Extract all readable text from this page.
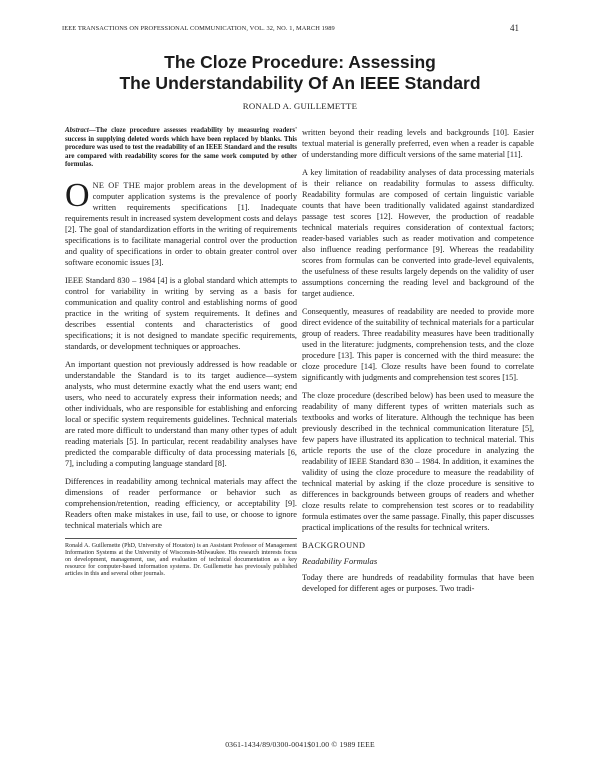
IEEE TRANSACTIONS ON PROFESSIONAL COMMUNICATION, VOL. 32, NO. 1, MARCH 1989	41
The Cloze Procedure: Assessing
The Understandability Of An IEEE Standard
RONALD A. GUILLEMETTE

Abstract—The cloze procedure assesses readability by measuring readers' success in supplying deleted words which have been replaced by blanks. This procedure was used to test the readability of an IEEE Standard and the results are compared with readability scores for the same work computed by other formulas.

ONE OF THE major problem areas in the development of computer application systems is the prevalence of poorly written requirements specifications [1]. Inadequate requirements result in increased system development costs and delays [2]. The goal of standardization efforts in the writing of requirements specifications is to facilitate managerial control over the production and quality of specifications in order to obtain greater control over software economic issues [3].

IEEE Standard 830 – 1984 [4] is a global standard which attempts to control for variability in writing by serving as a basis for communication and quality control and establishing norms of good practice in the writing of system requirements. It defines and describes essential contents and characteristics of good specifications; it is not designed to mandate specific requirements, standards, or development techniques or approaches.

An important question not previously addressed is how readable or understandable the Standard is to its target audience—system analysts, who must determine exactly what the end users want; end users, who need to accurately express their information needs; and other individuals, who are responsible for establishing and enforcing local or specific system requirements guidelines. Technical materials are rated more difficult to understand than many other types of adult reading materials [5]. In particular, recent readability analyses have predicted the comparable difficulty of data processing materials [6, 7], including a computing language standard [8].

Differences in readability among technical materials may affect the dimensions of reader performance or behavior such as comprehension/retention, reading efficiency, or acceptability [9]. Readers often make mistakes in use, fail to use, or choose to ignore technical materials which are

Ronald A. Guillemette (PhD, University of Houston) is an Assistant Professor of Management Information Systems at the University of Wisconsin-Milwaukee. His research interests focus on development, management, use, and evaluation of technical documentation as a key resource for computer-based information systems. Dr. Guillemette has previously published articles in this and several other journals.

written beyond their reading levels and backgrounds [10]. Easier textual material is generally preferred, even when a reader is capable of understanding more difficult versions of the same material [11].

A key limitation of readability analyses of data processing materials is their reliance on readability formulas to assess difficulty. Readability formulas are composed of certain linguistic variable counts that have been traditionally validated against standardized passage test scores [12]. However, the production of readable technical materials requires consideration of contextual factors; reader-based variables such as reader motivation and competence also influence reading performance [9]. Whereas the readability scores from formulas can be converted into grade-level equivalents, the usefulness of these results largely depends on the validity of user assumptions concerning the reading level and background of the target audience.

Consequently, measures of readability are needed to provide more direct evidence of the suitability of technical materials for a particular group of readers. Three readability measures have been traditionally used in the literature: judgments, comprehension tests, and the cloze procedure [13]. This paper is concerned with the third measure: the cloze procedure [14]. Cloze results have been found to correlate significantly with judgments and comprehension test scores [15].

The cloze procedure (described below) has been used to measure the readability of many different types of written materials such as textbooks and works of literature. Although the technique has been previously described in the technical communication literature [5], few papers have illustrated its application to technical material. This article reports the use of the cloze procedure in analyzing the readability of IEEE Standard 830 – 1984. In addition, it examines the validity of using the cloze procedure to measure the readability of technical material by asking if the cloze procedure is sensitive to differences in backgrounds between groups of readers and whether cloze results relate to comprehension test scores or to readability formula estimates over the same passage. Finally, this paper discusses practical implications of the results for technical writers.

BACKGROUND

Readability Formulas

Today there are hundreds of readability formulas that have been developed for different ages or purposes. Two tradi-

0361-1434/89/0300-0041$01.00 © 1989 IEEE
